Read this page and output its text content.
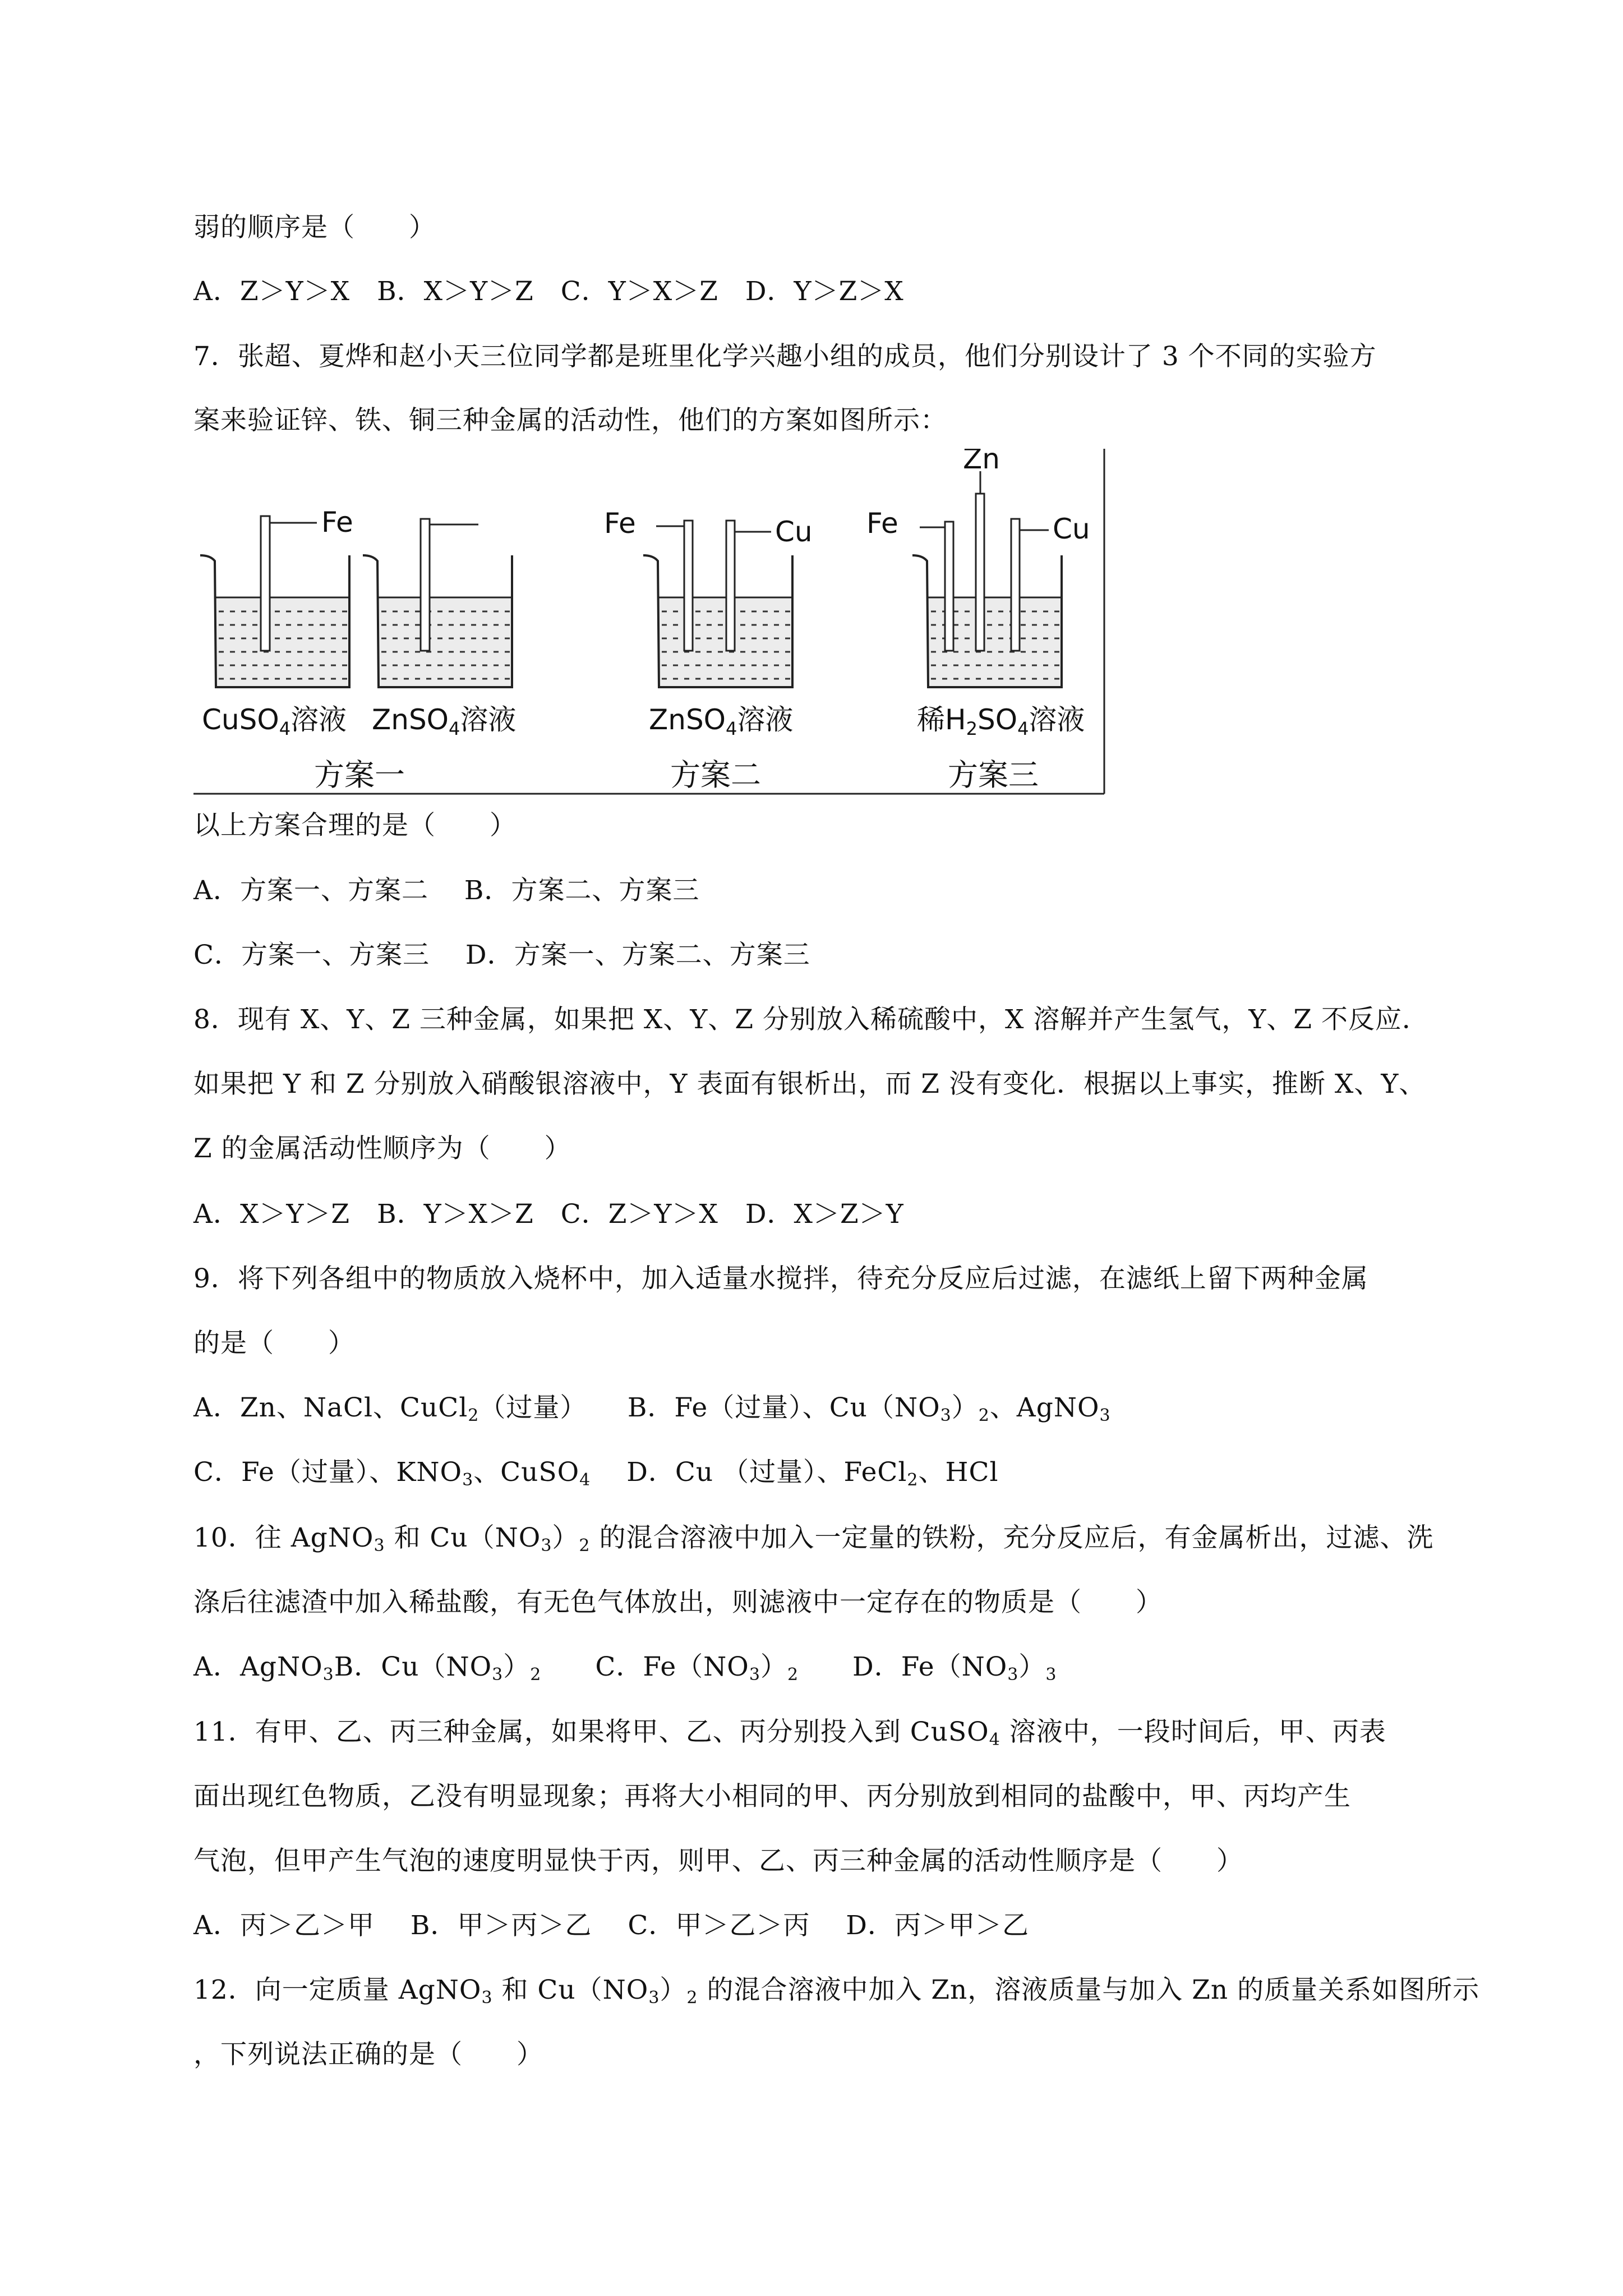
弱的顺序是（　　）
A．Z＞Y＞X　B．X＞Y＞Z　C．Y＞X＞Z　D．Y＞Z＞X
7．张超、夏烨和赵小天三位同学都是班里化学兴趣小组的成员，他们分别设计了 3 个不同的实验方
案来验证锌、铁、铜三种金属的活动性，他们的方案如图所示：
Fe
CuSO$_4$溶液 ZnSO$_4$溶液
方案一
Fe	Cu
ZnSO$_4$溶液
方案二
Fe
Zn
Cu
稀$H_2SO_4$溶液
方案三
以上方案合理的是（　　）
A．方案一、方案二　 B．方案二、方案三
C．方案一、方案三　 D．方案一、方案二、方案三
8．现有 X、Y、Z 三种金属，如果把 X、Y、Z 分别放入稀硫酸中，X 溶解并产生氢气，Y、Z 不反应．
如果把 Y 和 Z 分别放入硝酸银溶液中，Y 表面有银析出，而 Z 没有变化．根据以上事实，推断 X、Y、
Z 的金属活动性顺序为（　　）
A．X＞Y＞Z　B．Y＞X＞Z　C．Z＞Y＞X　D．X＞Z＞Y
9．将下列各组中的物质放入烧杯中，加入适量水搅拌，待充分反应后过滤，在滤纸上留下两种金属
的是（　　）
A．Zn、NaCl、CuCl$_2$（过量）　　 B．Fe（过量）、$Cu(NO_3)_2$、AgNO$_3$
C．Fe（过量）、$KNO_3$、CuSO$_4$　 D．Cu （过量）、FeCl$_2$、HCl
10．往 AgNO$_3$ 和 $Cu(NO_3)_2$ 的混合溶液中加入一定量的铁粉，充分反应后，有金属析出，过滤、洗
涤后往滤渣中加入稀盐酸，有无色气体放出，则滤液中一定存在的物质是（　　）
A．AgNO$_3$B．$Cu(NO_3)_2$　　 C．$Fe(NO_3)_2$　　 D．$Fe(NO_3)_3$
11．有甲、乙、丙三种金属，如果将甲、乙、丙分别投入到 CuSO$_4$ 溶液中，一段时间后，甲、丙表
面出现红色物质，乙没有明显现象；再将大小相同的甲、丙分别放到相同的盐酸中，甲、丙均产生
气泡，但甲产生气泡的速度明显快于丙，则甲、乙、丙三种金属的活动性顺序是（　　）
A．丙＞乙＞甲　 B．甲＞丙＞乙　 C．甲＞乙＞丙　 D．丙＞甲＞乙
12．向一定质量 AgNO$_3$ 和 $Cu(NO_3)_2$ 的混合溶液中加入 Zn，溶液质量与加入 Zn 的质量关系如图所示
，下列说法正确的是（　　）
